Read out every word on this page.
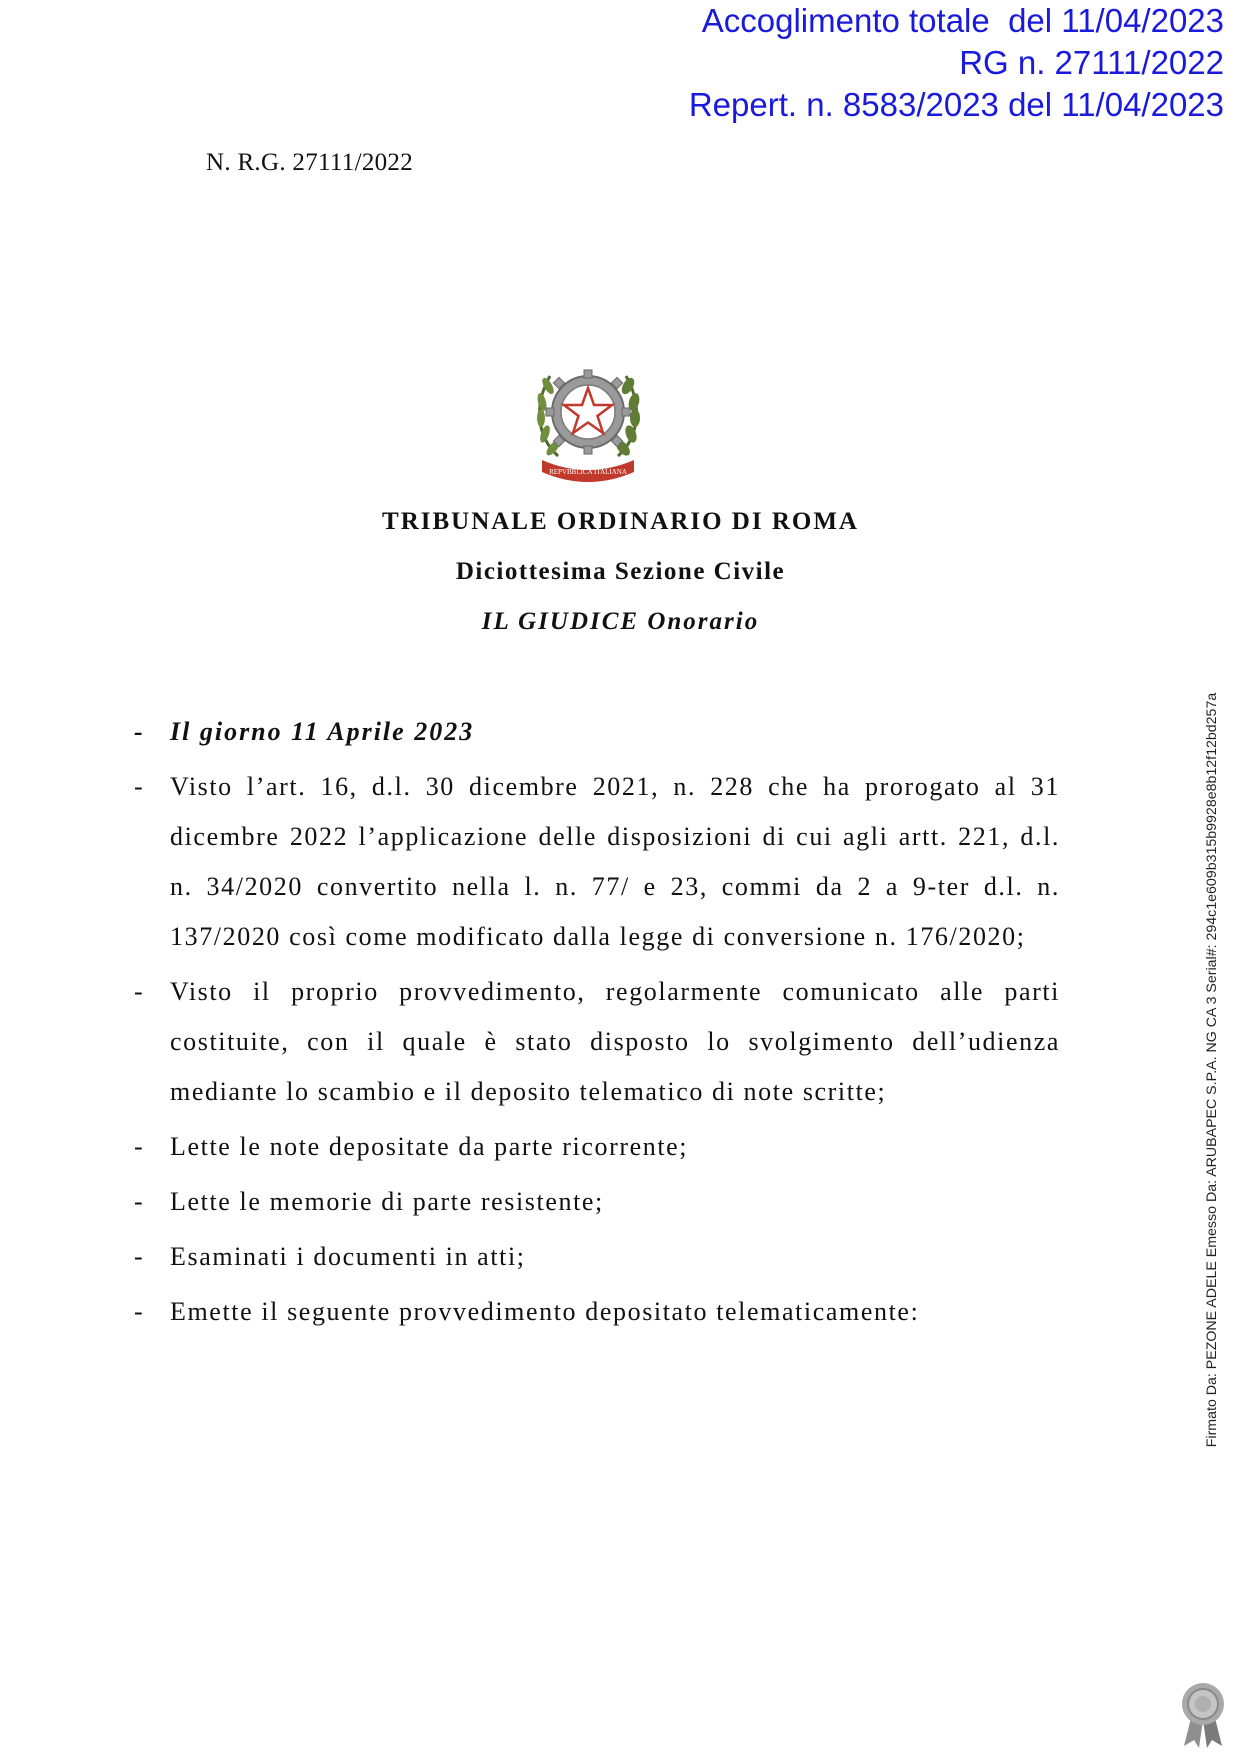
Accoglimento totale  del 11/04/2023
RG n. 27111/2022
Repert. n. 8583/2023 del 11/04/2023
N. R.G. 27111/2022
REPVBBLICA ITALIANA
TRIBUNALE ORDINARIO DI ROMA
Diciottesima Sezione Civile
IL GIUDICE Onorario
- Il giorno 11 Aprile 2023
- Visto l’art. 16, d.l. 30 dicembre 2021, n. 228 che ha prorogato al 31 dicembre 2022 l’applicazione delle disposizioni di cui agli artt. 221, d.l. n. 34/2020 convertito nella l. n. 77/ e 23, commi da 2 a 9-ter d.l. n. 137/2020 così come modificato dalla legge di conversione n. 176/2020;
- Visto il proprio provvedimento, regolarmente comunicato alle parti costituite, con il quale è stato disposto lo svolgimento dell’udienza mediante lo scambio e il deposito telematico di note scritte;
- Lette le note depositate da parte ricorrente;
- Lette le memorie di parte resistente;
- Esaminati i documenti in atti;
- Emette il seguente provvedimento depositato telematicamente:	Firmato Da: PEZONE ADELE Emesso Da: ARUBAPEC S.P.A. NG CA 3 Serial#: 294c1e609b315b9928e8b12f12bd257a
